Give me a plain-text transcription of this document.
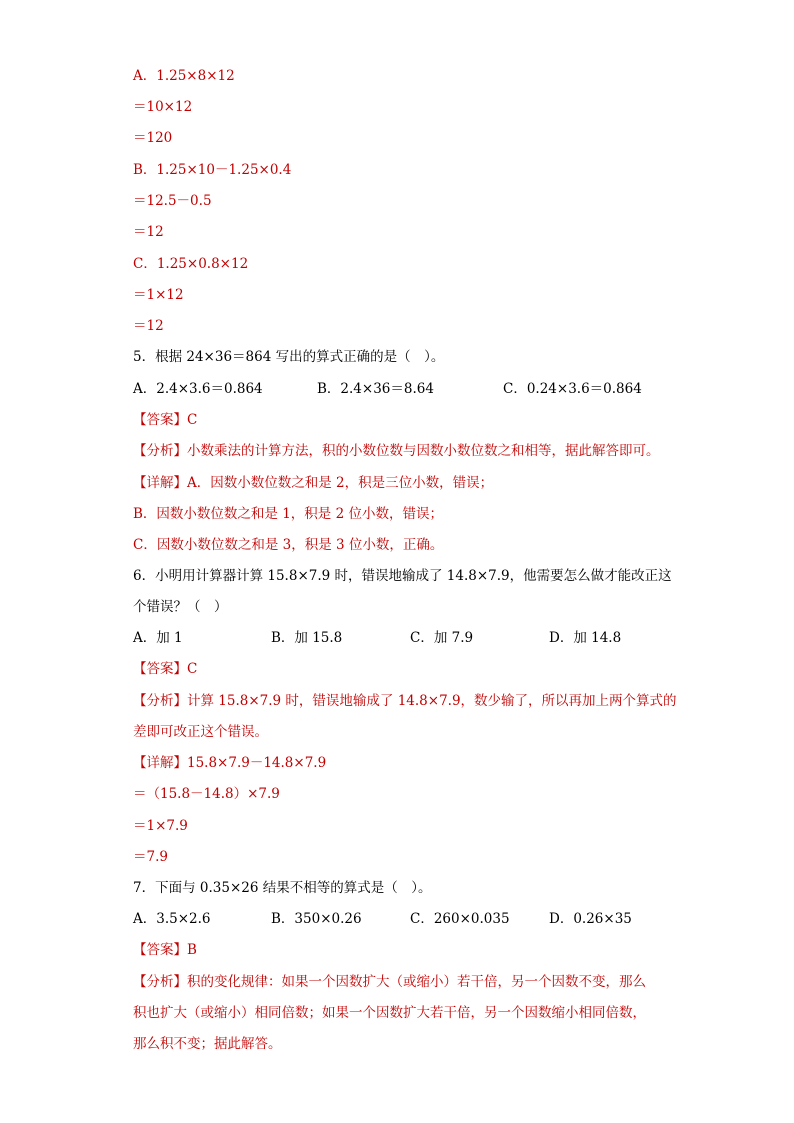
A．1.25×8×12
＝10×12
＝120
B．1.25×10－1.25×0.4
＝12.5－0.5
＝12
C．1.25×0.8×12
＝1×12
＝12
5．根据 24×36＝864 写出的算式正确的是（　）。
A．2.4×3.6＝0.864	B．2.4×36＝8.64	C．0.24×3.6＝0.864
【答案】C
【分析】小数乘法的计算方法，积的小数位数与因数小数位数之和相等，据此解答即可。
【详解】A．因数小数位数之和是 2，积是三位小数，错误；
B．因数小数位数之和是 1，积是 2 位小数，错误；
C．因数小数位数之和是 3，积是 3 位小数，正确。
6．小明用计算器计算 15.8×7.9 时，错误地输成了 14.8×7.9，他需要怎么做才能改正这
个错误？（　）
A．加 1	B．加 15.8	C．加 7.9	D．加 14.8
【答案】C
【分析】计算 15.8×7.9 时，错误地输成了 14.8×7.9，数少输了，所以再加上两个算式的
差即可改正这个错误。
【详解】15.8×7.9－14.8×7.9
＝（15.8－14.8）×7.9
＝1×7.9
＝7.9
7．下面与 0.35×26 结果不相等的算式是（　）。
A．3.5×2.6	B．350×0.26	C．260×0.035	D．0.26×35
【答案】B
【分析】积的变化规律：如果一个因数扩大（或缩小）若干倍，另一个因数不变，那么
积也扩大（或缩小）相同倍数；如果一个因数扩大若干倍，另一个因数缩小相同倍数，
那么积不变；据此解答。
